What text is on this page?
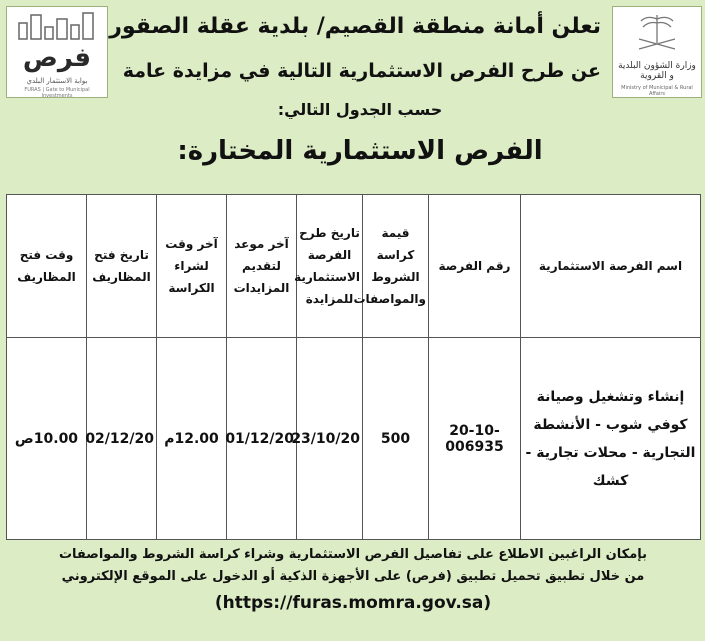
فرص
بوابة الاستثمار البلدي
FURAS | Gate to Municipal Investments
وزارة الشؤون البلدية و القروية
Ministry of Municipal & Rural Affairs
تعلن أمانة منطقة القصيم/ بلدية عقلة الصقور
عن طرح الفرص الاستثمارية التالية في مزايدة عامة
حسب الجدول التالي:
الفرص الاستثمارية المختارة:
وقت فتح المظاريف	تاريخ فتح المظاريف	آخر وقت لشراء الكراسة	آخر موعد لتقديم المزايدات	تاريخ طرح الفرصة الاستثمارية للمزايدة	قيمة كراسة الشروط والمواصفات	رقم الفرصة	اسم الفرصة الاستثمارية
10.00ص	02/12/20	12.00م	01/12/20	23/10/20	500	20-10-006935	إنشاء وتشغيل وصيانة كوفي شوب - الأنشطة التجارية - محلات تجارية - كشك
بإمكان الراغبين الاطلاع على تفاصيل الفرص الاستثمارية وشراء كراسة الشروط والمواصفات
من خلال تطبيق تحميل تطبيق (فرص) على الأجهزة الذكية أو الدخول على الموقع الإلكتروني
(https://furas.momra.gov.sa)
